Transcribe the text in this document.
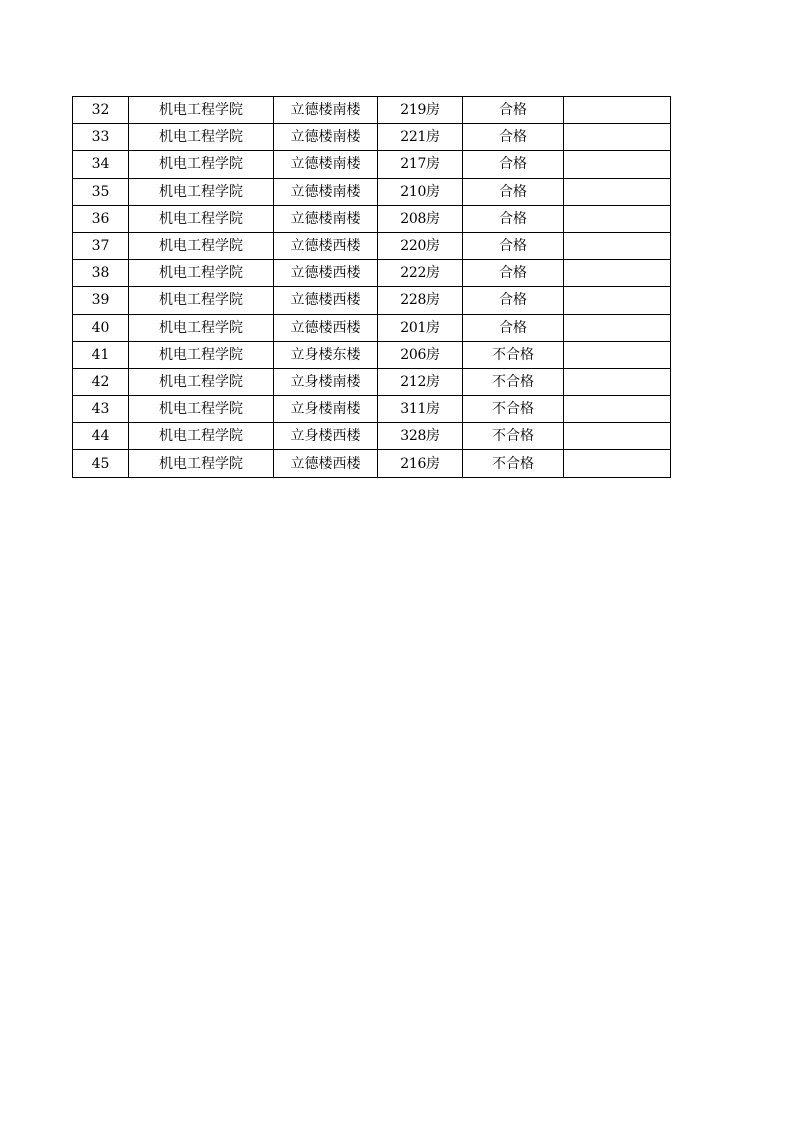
32	机电工程学院	立德楼南楼	219房	合格	
33	机电工程学院	立德楼南楼	221房	合格	
34	机电工程学院	立德楼南楼	217房	合格	
35	机电工程学院	立德楼南楼	210房	合格	
36	机电工程学院	立德楼南楼	208房	合格	
37	机电工程学院	立德楼西楼	220房	合格	
38	机电工程学院	立德楼西楼	222房	合格	
39	机电工程学院	立德楼西楼	228房	合格	
40	机电工程学院	立德楼西楼	201房	合格	
41	机电工程学院	立身楼东楼	206房	不合格	
42	机电工程学院	立身楼南楼	212房	不合格	
43	机电工程学院	立身楼南楼	311房	不合格	
44	机电工程学院	立身楼西楼	328房	不合格	
45	机电工程学院	立德楼西楼	216房	不合格	
